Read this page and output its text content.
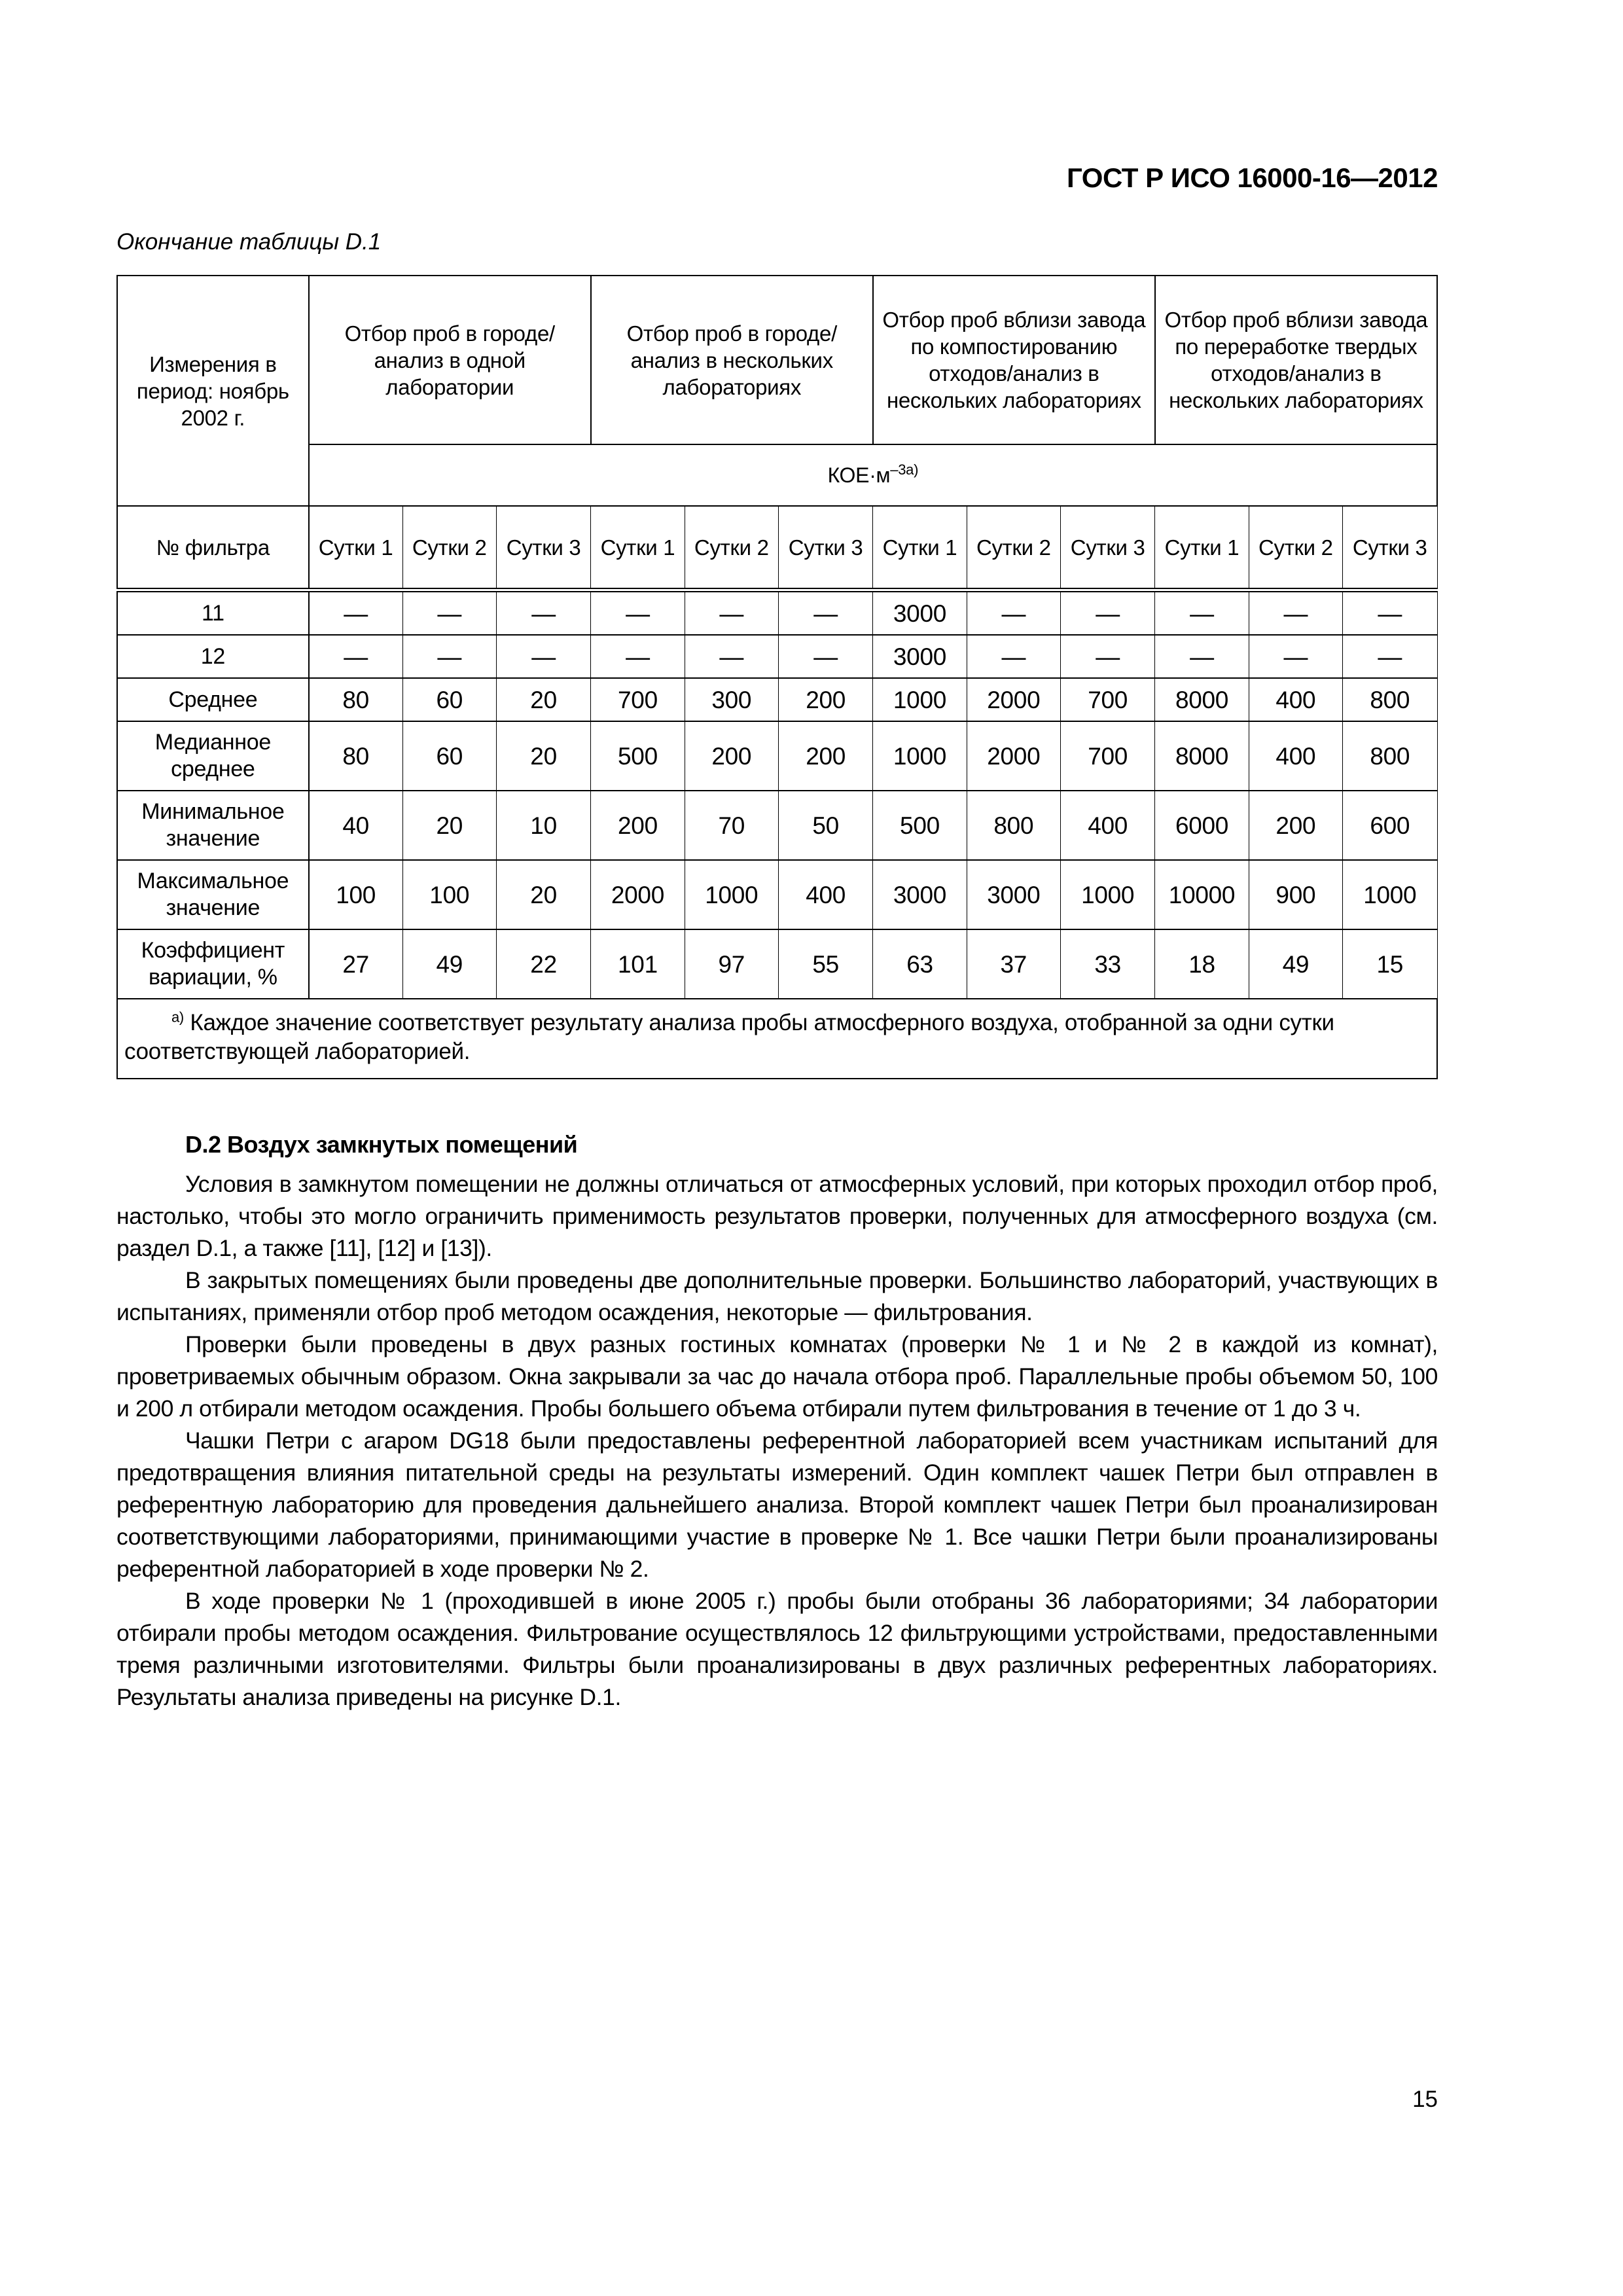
ГОСТ Р ИСО 16000-16—2012
Окончание таблицы D.1
Измерения в период: ноябрь 2002 г.	Отбор проб в городе/анализ в одной лаборатории			Отбор проб в городе/анализ в нескольких лабораториях			Отбор проб вблизи завода по компостированию отходов/анализ в нескольких лабораториях			Отбор проб вблизи завода по переработке твердых отходов/анализ в нескольких лабораториях		
	$КОЕ\cdot м^{-3а)}$
№ фильтра	Сутки 1	Сутки 2	Сутки 3	Сутки 1	Сутки 2	Сутки 3	Сутки 1	Сутки 2	Сутки 3	Сутки 1	Сутки 2	Сутки 3
11	—	—	—	—	—	—	3000	—	—	—	—	—
12	—	—	—	—	—	—	3000	—	—	—	—	—
Среднее	80	60	20	700	300	200	1000	2000	700	8000	400	800
Медианное среднее	80	60	20	500	200	200	1000	2000	700	8000	400	800
Минимальное значение	40	20	10	200	70	50	500	800	400	6000	200	600
Максимальное значение	100	100	20	2000	1000	400	3000	3000	1000	10000	900	1000
Коэффициент вариации, %	27	49	22	101	97	55	63	37	33	18	49	15
$^{а)}$ Каждое значение соответствует результату анализа пробы атмосферного воздуха, отобранной за одни сутки соответствующей лабораторией.												
D.2 Воздух замкнутых помещений

Условия в замкнутом помещении не должны отличаться от атмосферных условий, при которых проходил отбор проб, настолько, чтобы это могло ограничить применимость результатов проверки, полученных для атмосферного воздуха (см. раздел D.1, а также [11], [12] и [13]).

В закрытых помещениях были проведены две дополнительные проверки. Большинство лабораторий, участвующих в испытаниях, применяли отбор проб методом осаждения, некоторые — фильтрования.

Проверки были проведены в двух разных гостиных комнатах (проверки № 1 и № 2 в каждой из комнат), проветриваемых обычным образом. Окна закрывали за час до начала отбора проб. Параллельные пробы объемом 50, 100 и 200 л отбирали методом осаждения. Пробы большего объема отбирали путем фильтрования в течение от 1 до 3 ч.

Чашки Петри с агаром DG18 были предоставлены референтной лабораторией всем участникам испытаний для предотвращения влияния питательной среды на результаты измерений. Один комплект чашек Петри был отправлен в референтную лабораторию для проведения дальнейшего анализа. Второй комплект чашек Петри был проанализирован соответствующими лабораториями, принимающими участие в проверке № 1. Все чашки Петри были проанализированы референтной лабораторией в ходе проверки № 2.

В ходе проверки № 1 (проходившей в июне 2005 г.) пробы были отобраны 36 лабораториями; 34 лаборатории отбирали пробы методом осаждения. Фильтрование осуществлялось 12 фильтрующими устройствами, предоставленными тремя различными изготовителями. Фильтры были проанализированы в двух различных референтных лабораториях. Результаты анализа приведены на рисунке D.1.

15
